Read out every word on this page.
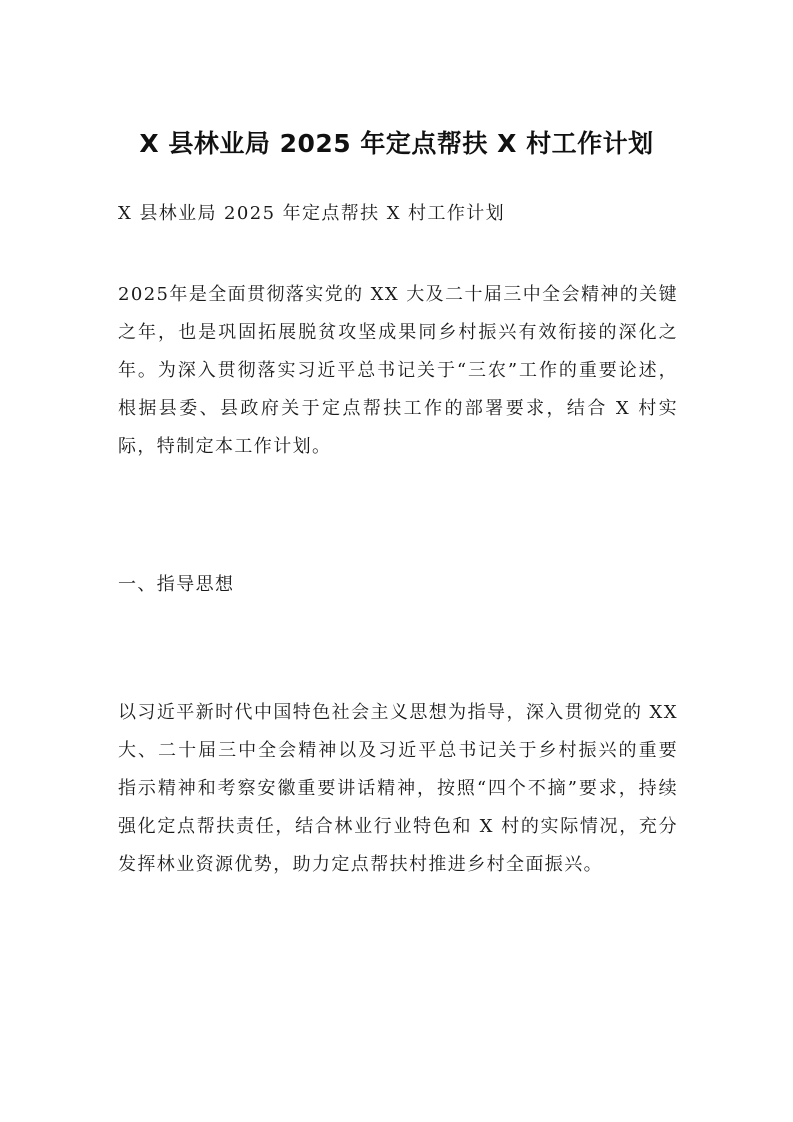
X 县林业局 2025 年定点帮扶 X 村工作计划

X 县林业局 2025 年定点帮扶 X 村工作计划

2025年是全面贯彻落实党的 XX 大及二十届三中全会精神的关键之年，也是巩固拓展脱贫攻坚成果同乡村振兴有效衔接的深化之年。为深入贯彻落实习近平总书记关于“三农”工作的重要论述，根据县委、县政府关于定点帮扶工作的部署要求，结合 X 村实际，特制定本工作计划。

一、指导思想

以习近平新时代中国特色社会主义思想为指导，深入贯彻党的 XX 大、二十届三中全会精神以及习近平总书记关于乡村振兴的重要指示精神和考察安徽重要讲话精神，按照“四个不摘”要求，持续强化定点帮扶责任，结合林业行业特色和 X 村的实际情况，充分发挥林业资源优势，助力定点帮扶村推进乡村全面振兴。
